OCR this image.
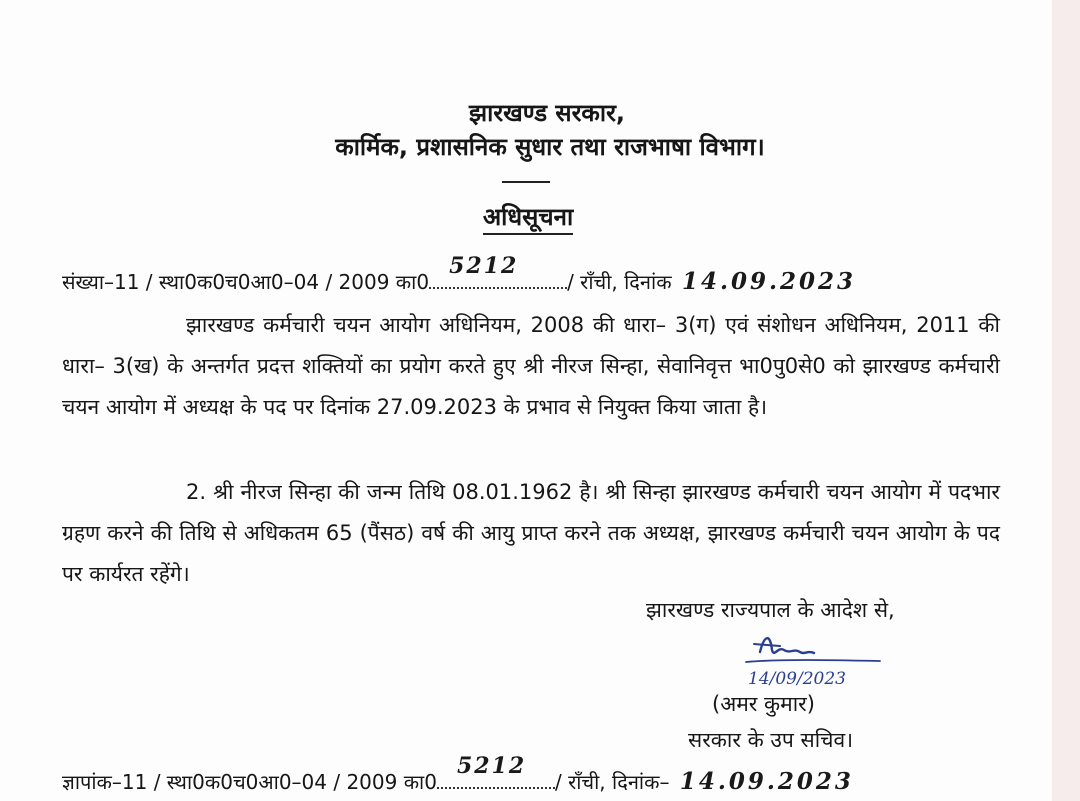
झारखण्ड सरकार,
कार्मिक, प्रशासनिक सुधार तथा राजभाषा विभाग।
अधिसूचना
संख्या–11 / स्था0क0च0आ0–04 / 2009 का0
5212
/ राँची, दिनांक 14.09.2023
झारखण्ड कर्मचारी चयन आयोग अधिनियम, 2008 की धारा– 3(ग) एवं संशोधन अधिनियम, 2011 की धारा– 3(ख) के अन्तर्गत प्रदत्त शक्तियों का प्रयोग करते हुए श्री नीरज सिन्हा, सेवानिवृत्त भा0पु0से0 को झारखण्ड कर्मचारी चयन आयोग में अध्यक्ष के पद पर दिनांक 27.09.2023 के प्रभाव से नियुक्त किया जाता है।
2. श्री नीरज सिन्हा की जन्म तिथि 08.01.1962 है। श्री सिन्हा झारखण्ड कर्मचारी चयन आयोग में पदभार ग्रहण करने की तिथि से अधिकतम 65 (पैंसठ) वर्ष की आयु प्राप्त करने तक अध्यक्ष, झारखण्ड कर्मचारी चयन आयोग के पद पर कार्यरत रहेंगे।
झारखण्ड राज्यपाल के आदेश से,
14/09/2023
(अमर कुमार)
सरकार के उप सचिव।
ज्ञापांक–11 / स्था0क0च0आ0–04 / 2009 का0
5212
/ राँची, दिनांक– 14.09.2023
